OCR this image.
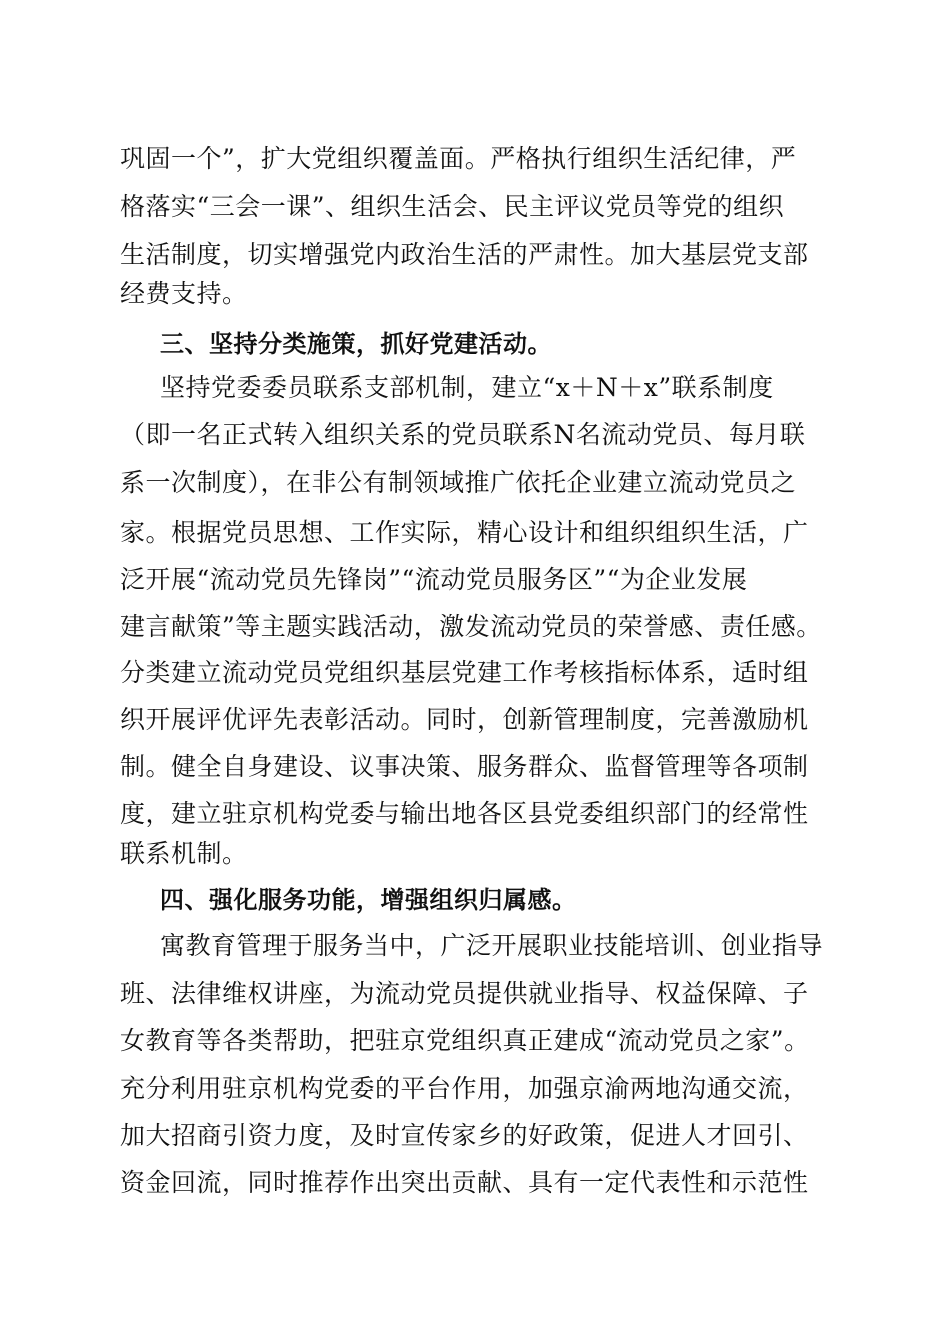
巩固一个”，扩大党组织覆盖面。严格执行组织生活纪律，严
格落实“三会一课”、组织生活会、民主评议党员等党的组织
生活制度，切实增强党内政治生活的严肃性。加大基层党支部
经费支持。
三、坚持分类施策，抓好党建活动。
坚持党委委员联系支部机制，建立“x＋N＋x”联系制度
（即一名正式转入组织关系的党员联系N名流动党员、每月联
系一次制度），在非公有制领域推广依托企业建立流动党员之
家。根据党员思想、工作实际，精心设计和组织组织生活，广
泛开展“流动党员先锋岗”“流动党员服务区”“为企业发展
建言献策”等主题实践活动，激发流动党员的荣誉感、责任感。
分类建立流动党员党组织基层党建工作考核指标体系，适时组
织开展评优评先表彰活动。同时，创新管理制度，完善激励机
制。健全自身建设、议事决策、服务群众、监督管理等各项制
度，建立驻京机构党委与输出地各区县党委组织部门的经常性
联系机制。
四、强化服务功能，增强组织归属感。
寓教育管理于服务当中，广泛开展职业技能培训、创业指导
班、法律维权讲座，为流动党员提供就业指导、权益保障、子
女教育等各类帮助，把驻京党组织真正建成“流动党员之家”。
充分利用驻京机构党委的平台作用，加强京渝两地沟通交流，
加大招商引资力度，及时宣传家乡的好政策，促进人才回引、
资金回流，同时推荐作出突出贡献、具有一定代表性和示范性
